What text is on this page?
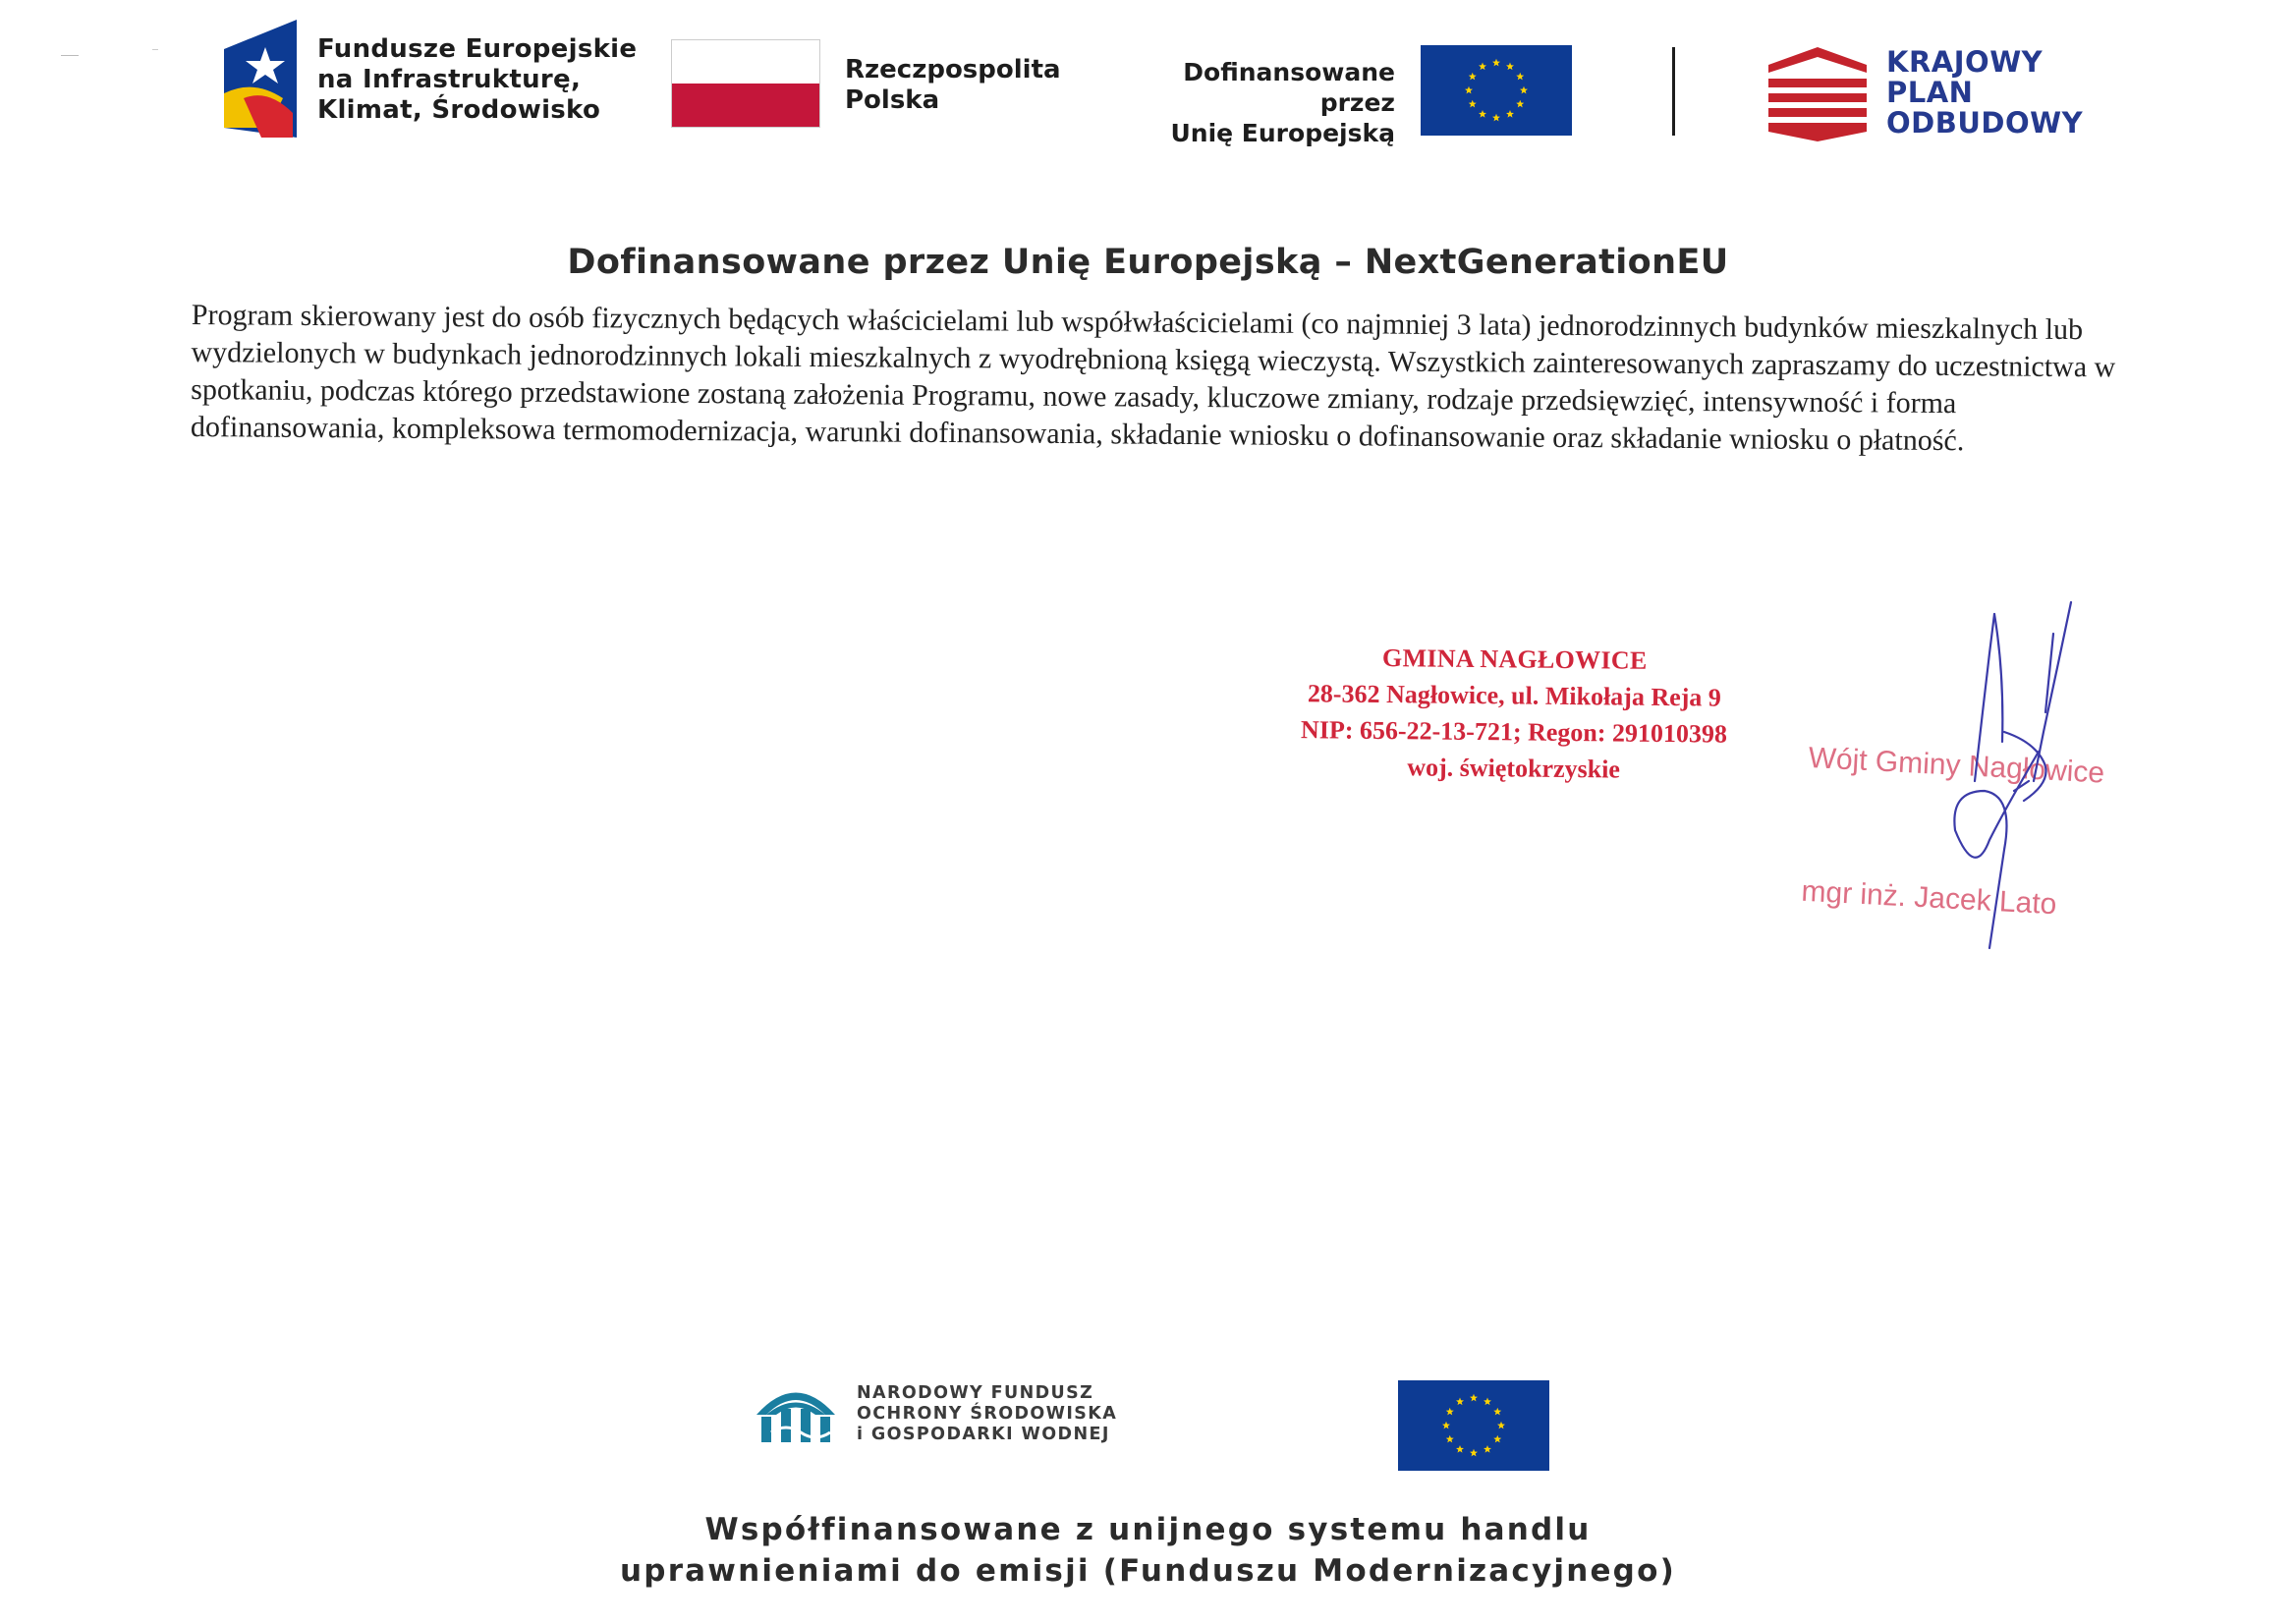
Fundusze Europejskie
na Infrastrukturę,
Klimat, Środowisko
Rzeczpospolita
Polska
Dofinansowane przez
Unię Europejską
KRAJOWY
PLAN
ODBUDOWY
Dofinansowane przez Unię Europejską – NextGenerationEU
Program skierowany jest do osób fizycznych będących właścicielami lub współwłaścicielami (co najmniej 3 lata) jednorodzinnych budynków mieszkalnych lub wydzielonych w budynkach jednorodzinnych lokali mieszkalnych z wyodrębnioną księgą wieczystą. Wszystkich zainteresowanych zapraszamy do uczestnictwa w spotkaniu, podczas którego przedstawione zostaną założenia Programu, nowe zasady, kluczowe zmiany, rodzaje przedsięwzięć, intensywność i forma dofinansowania, kompleksowa termomodernizacja, warunki dofinansowania, składanie wniosku o dofinansowanie oraz składanie wniosku o płatność.
GMINA NAGŁOWICE
28-362 Nagłowice, ul. Mikołaja Reja 9
NIP: 656-22-13-721; Regon: 291010398
woj. świętokrzyskie	Wójt Gminy Nagłowice

mgr inż. Jacek Lato

NARODOWY FUNDUSZ
OCHRONY ŚRODOWISKA
i GOSPODARKI WODNEJ
Współfinansowane z unijnego systemu handlu
uprawnieniami do emisji (Funduszu Modernizacyjnego)
